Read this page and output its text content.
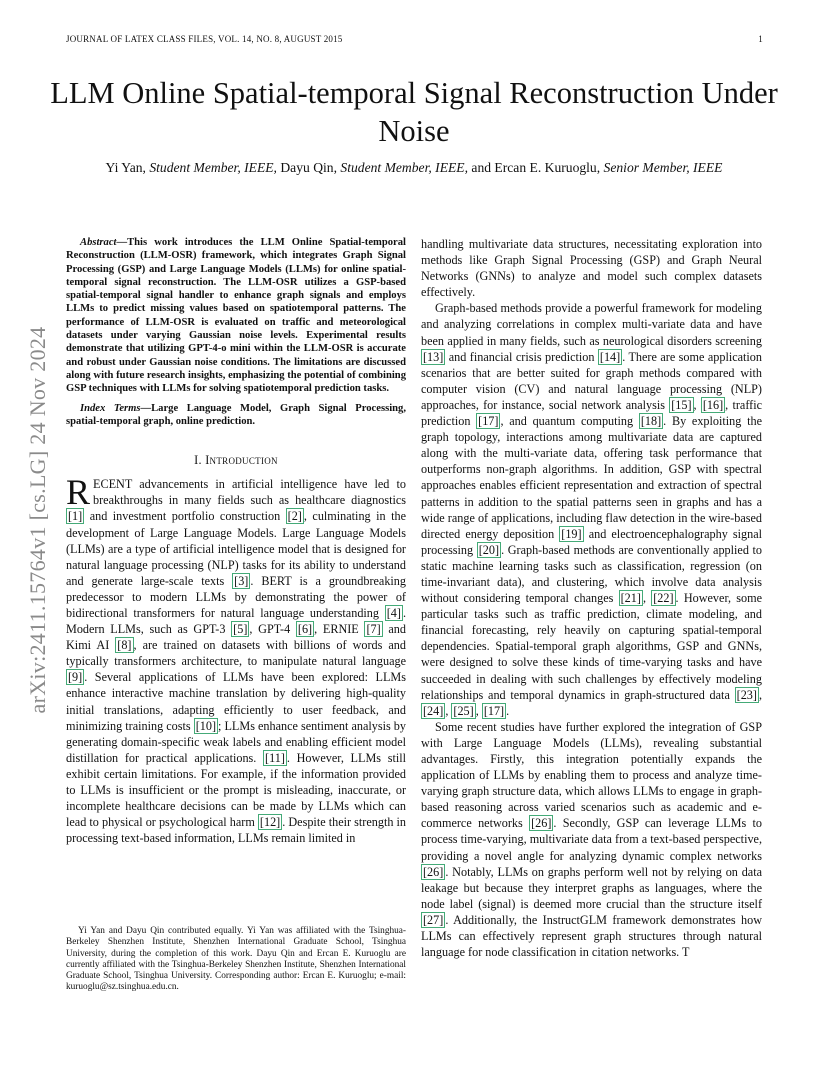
JOURNAL OF LATEX CLASS FILES, VOL. 14, NO. 8, AUGUST 2015	1
arXiv:2411.15764v1 [cs.LG] 24 Nov 2024
LLM Online Spatial-temporal Signal Reconstruction Under Noise
Yi Yan, Student Member, IEEE, Dayu Qin, Student Member, IEEE, and Ercan E. Kuruoglu, Senior Member, IEEE

Abstract—This work introduces the LLM Online Spatial-temporal Reconstruction (LLM-OSR) framework, which integrates Graph Signal Processing (GSP) and Large Language Models (LLMs) for online spatial-temporal signal reconstruction. The LLM-OSR utilizes a GSP-based spatial-temporal signal handler to enhance graph signals and employs LLMs to predict missing values based on spatiotemporal patterns. The performance of LLM-OSR is evaluated on traffic and meteorological datasets under varying Gaussian noise levels. Experimental results demonstrate that utilizing GPT-4-o mini within the LLM-OSR is accurate and robust under Gaussian noise conditions. The limitations are discussed along with future research insights, emphasizing the potential of combining GSP techniques with LLMs for solving spatiotemporal prediction tasks.

Index Terms—Large Language Model, Graph Signal Processing, spatial-temporal graph, online prediction.

I. Introduction

RECENT advancements in artificial intelligence have led to breakthroughs in many fields such as healthcare diagnostics [1] and investment portfolio construction [2] , culminating in the development of Large Language Models. Large Language Models (LLMs) are a type of artificial intelligence model that is designed for natural language processing (NLP) tasks for its ability to understand and generate large-scale texts [3] . BERT is a groundbreaking predecessor to modern LLMs by demonstrating the power of bidirectional transformers for natural language understanding [4] . Modern LLMs, such as GPT-3 [5] , GPT-4 [6] , ERNIE [7] and Kimi AI [8] , are trained on datasets with billions of words and typically transformers architecture, to manipulate natural language [9] . Several applications of LLMs have been explored: LLMs enhance interactive machine translation by delivering high-quality initial translations, adapting efficiently to user feedback, and minimizing training costs [10] ; LLMs enhance sentiment analysis by generating domain-specific weak labels and enabling efficient model distillation for practical applications. [11] . However, LLMs still exhibit certain limitations. For example, if the information provided to LLMs is insufficient or the prompt is misleading, inaccurate, or incomplete healthcare decisions can be made by LLMs which can lead to physical or psychological harm [12] . Despite their strength in processing text-based information, LLMs remain limited in

Yi Yan and Dayu Qin contributed equally. Yi Yan was affiliated with the Tsinghua-Berkeley Shenzhen Institute, Shenzhen International Graduate School, Tsinghua University, during the completion of this work. Dayu Qin and Ercan E. Kuruoglu are currently affiliated with the Tsinghua-Berkeley Shenzhen Institute, Shenzhen International Graduate School, Tsinghua University. Corresponding author: Ercan E. Kuruoglu; e-mail: kuruoglu@sz.tsinghua.edu.cn.

handling multivariate data structures, necessitating exploration into methods like Graph Signal Processing (GSP) and Graph Neural Networks (GNNs) to analyze and model such complex datasets effectively.

Graph-based methods provide a powerful framework for modeling and analyzing correlations in complex multi-variate data and have been applied in many fields, such as neurological disorders screening [13] and financial crisis prediction [14] . There are some application scenarios that are better suited for graph methods compared with computer vision (CV) and natural language processing (NLP) approaches, for instance, social network analysis [15] , [16] , traffic prediction [17] , and quantum computing [18] . By exploiting the graph topology, interactions among multivariate data are captured along with the multi-variate data, offering task performance that outperforms non-graph algorithms. In addition, GSP with spectral approaches enables efficient representation and extraction of spectral patterns in addition to the spatial patterns seen in graphs and has a wide range of applications, including flaw detection in the wire-based directed energy deposition [19] and electroencephalography signal processing [20] . Graph-based methods are conventionally applied to static machine learning tasks such as classification, regression (on time-invariant data), and clustering, which involve data analysis without considering temporal changes [21] , [22] . However, some particular tasks such as traffic prediction, climate modeling, and financial forecasting, rely heavily on capturing spatial-temporal dependencies. Spatial-temporal graph algorithms, GSP and GNNs, were designed to solve these kinds of time-varying tasks and have succeeded in dealing with such challenges by effectively modeling relationships and temporal dynamics in graph-structured data [23] , [24] , [25] , [17] .

Some recent studies have further explored the integration of GSP with Large Language Models (LLMs), revealing substantial advantages. Firstly, this integration potentially expands the application of LLMs by enabling them to process and analyze time-varying graph structure data, which allows LLMs to engage in graph-based reasoning across varied scenarios such as academic and e-commerce networks [26] . Secondly, GSP can leverage LLMs to process time-varying, multivariate data from a text-based perspective, providing a novel angle for analyzing dynamic complex networks [26] . Notably, LLMs on graphs perform well not by relying on data leakage but because they interpret graphs as languages, where the node label (signal) is deemed more crucial than the structure itself [27] . Additionally, the InstructGLM framework demonstrates how LLMs can effectively represent graph structures through natural language for node classification in citation networks. T
